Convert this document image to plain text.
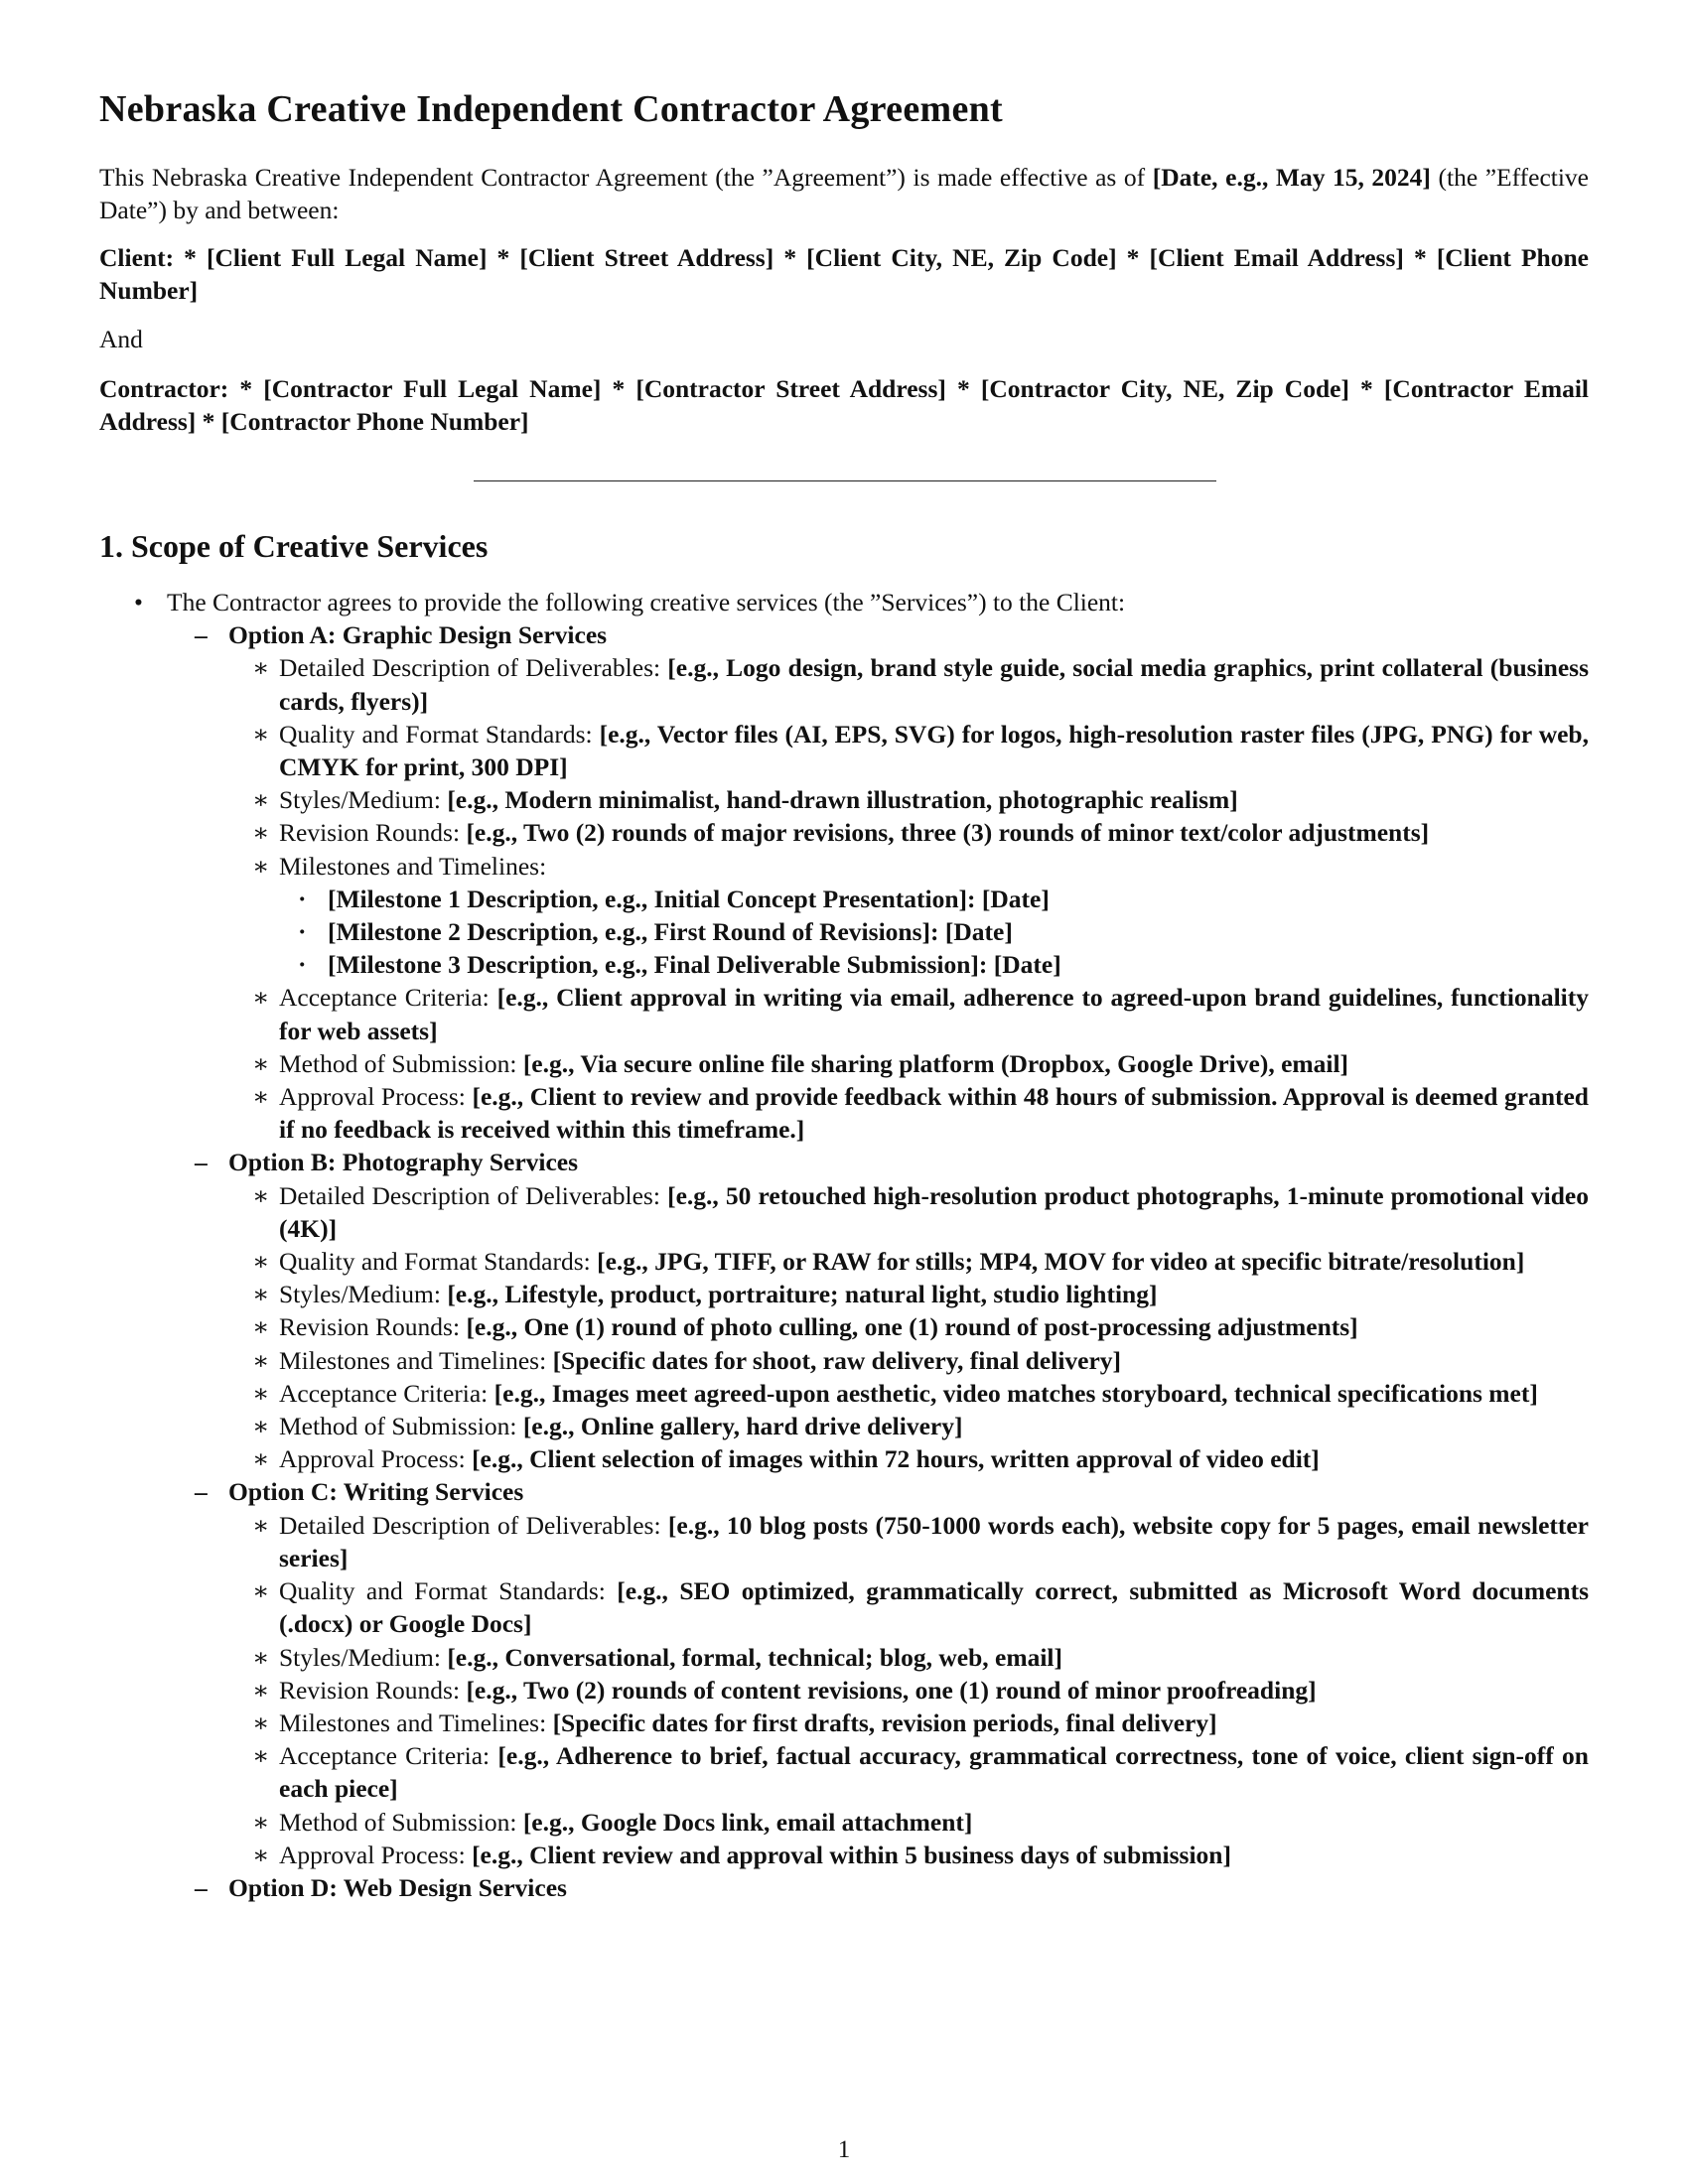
Nebraska Creative Independent Contractor Agreement
This Nebraska Creative Independent Contractor Agreement (the ”Agreement”) is made effective as of [Date, e.g., May 15, 2024] (the ”Effective Date”) by and between:
Client: * [Client Full Legal Name] * [Client Street Address] * [Client City, NE, Zip Code] * [Client Email Address] * [Client Phone Number]
And
Contractor: * [Contractor Full Legal Name] * [Contractor Street Address] * [Contractor City, NE, Zip Code] * [Contractor Email Address] * [Contractor Phone Number]
1. Scope of Creative Services
• The Contractor agrees to provide the following creative services (the ”Services”) to the Client:
– Option A: Graphic Design Services
∗ Detailed Description of Deliverables: [e.g., Logo design, brand style guide, social media graphics, print collateral (business cards, flyers)]
∗ Quality and Format Standards: [e.g., Vector files (AI, EPS, SVG) for logos, high-resolution raster files (JPG, PNG) for web, CMYK for print, 300 DPI]
∗ Styles/Medium: [e.g., Modern minimalist, hand-drawn illustration, photographic realism]
∗ Revision Rounds: [e.g., Two (2) rounds of major revisions, three (3) rounds of minor text/color adjustments]
∗ Milestones and Timelines:
· [Milestone 1 Description, e.g., Initial Concept Presentation]: [Date]
· [Milestone 2 Description, e.g., First Round of Revisions]: [Date]
· [Milestone 3 Description, e.g., Final Deliverable Submission]: [Date]
∗ Acceptance Criteria: [e.g., Client approval in writing via email, adherence to agreed-upon brand guidelines, functionality for web assets]
∗ Method of Submission: [e.g., Via secure online file sharing platform (Dropbox, Google Drive), email]
∗ Approval Process: [e.g., Client to review and provide feedback within 48 hours of submission. Approval is deemed granted if no feedback is received within this timeframe.]
– Option B: Photography Services
∗ Detailed Description of Deliverables: [e.g., 50 retouched high-resolution product photographs, 1-minute promotional video (4K)]
∗ Quality and Format Standards: [e.g., JPG, TIFF, or RAW for stills; MP4, MOV for video at specific bitrate/resolution]
∗ Styles/Medium: [e.g., Lifestyle, product, portraiture; natural light, studio lighting]
∗ Revision Rounds: [e.g., One (1) round of photo culling, one (1) round of post-processing adjustments]
∗ Milestones and Timelines: [Specific dates for shoot, raw delivery, final delivery]
∗ Acceptance Criteria: [e.g., Images meet agreed-upon aesthetic, video matches storyboard, technical specifications met]
∗ Method of Submission: [e.g., Online gallery, hard drive delivery]
∗ Approval Process: [e.g., Client selection of images within 72 hours, written approval of video edit]
– Option C: Writing Services
∗ Detailed Description of Deliverables: [e.g., 10 blog posts (750-1000 words each), website copy for 5 pages, email newsletter series]
∗ Quality and Format Standards: [e.g., SEO optimized, grammatically correct, submitted as Microsoft Word documents (.docx) or Google Docs]
∗ Styles/Medium: [e.g., Conversational, formal, technical; blog, web, email]
∗ Revision Rounds: [e.g., Two (2) rounds of content revisions, one (1) round of minor proofreading]
∗ Milestones and Timelines: [Specific dates for first drafts, revision periods, final delivery]
∗ Acceptance Criteria: [e.g., Adherence to brief, factual accuracy, grammatical correctness, tone of voice, client sign-off on each piece]
∗ Method of Submission: [e.g., Google Docs link, email attachment]
∗ Approval Process: [e.g., Client review and approval within 5 business days of submission]
– Option D: Web Design Services
1
